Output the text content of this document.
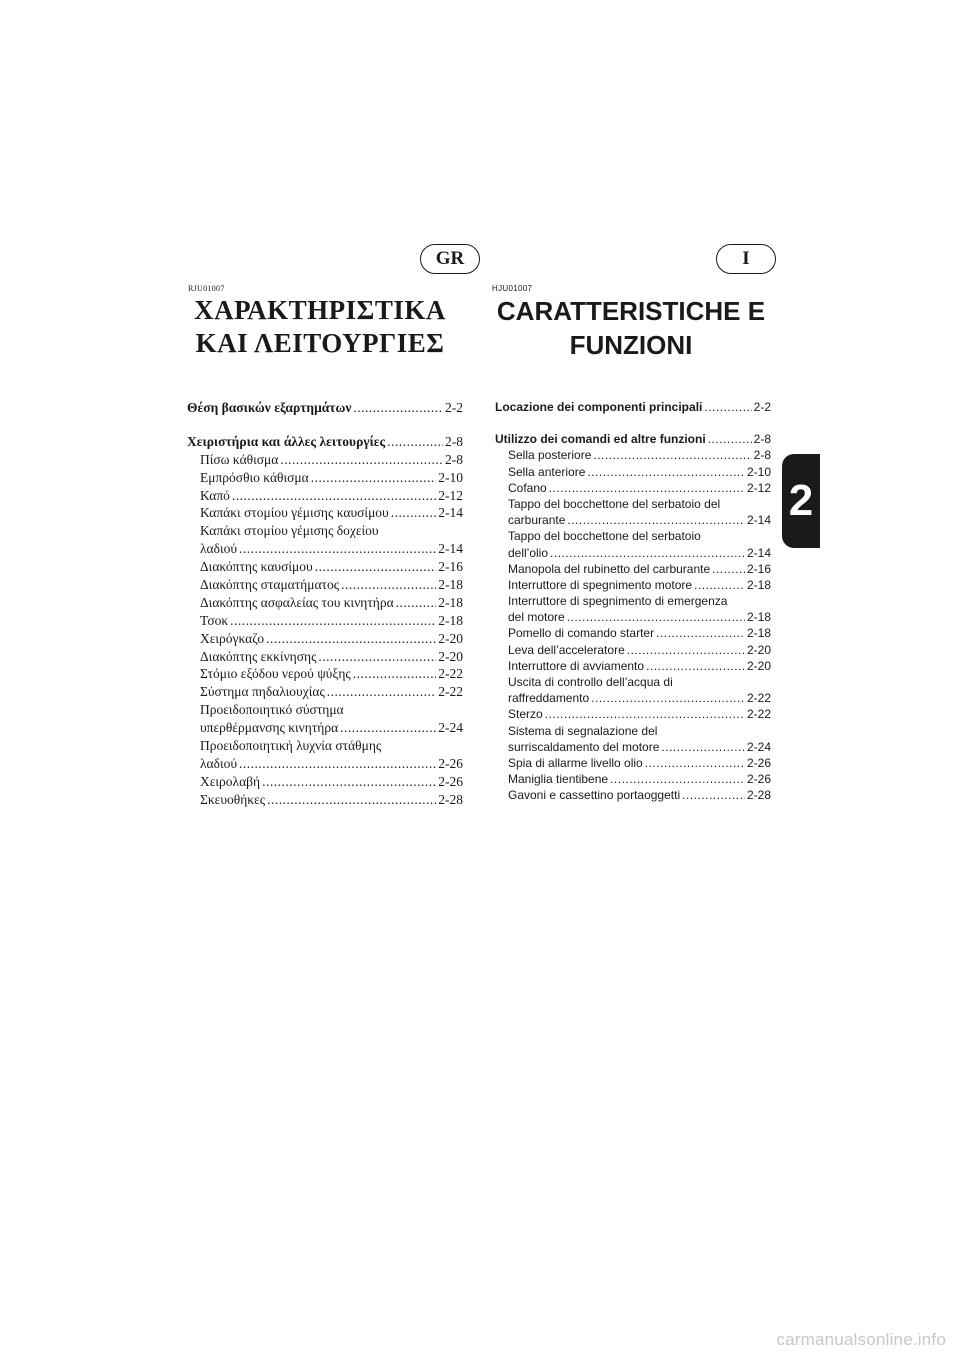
GR	I
RJU01007	HJU01007
ΧΑΡΑΚΤΗΡΙΣΤΙΚΑ
ΚΑΙ ΛΕΙΤΟΥΡΓΙΕΣ
CARATTERISTICHE E
FUNZIONI
Θέση βασικών εξαρτημάτων .....	2-2
Χειριστήρια και άλλες λειτουργίες .....	2-8
Πίσω κάθισμα .....	2-8
Εμπρόσθιο κάθισμα .....	2-10
Καπό .....	2-12
Καπάκι στομίου γέμισης καυσίμου .....	2-14
Καπάκι στομίου γέμισης δοχείου
λαδιού .....	2-14
Διακόπτης καυσίμου .....	2-16
Διακόπτης σταματήματος .....	2-18
Διακόπτης ασφαλείας του κινητήρα .....	2-18
Τσοκ .....	2-18
Χειρόγκαζο .....	2-20
Διακόπτης εκκίνησης .....	2-20
Στόμιο εξόδου νερού ψύξης .....	2-22
Σύστημα πηδαλιουχίας .....	2-22
Προειδοποιητικό σύστημα
υπερθέρμανσης κινητήρα .....	2-24
Προειδοποιητική λυχνία στάθμης
λαδιού .....	2-26
Χειρολαβή .....	2-26
Σκευοθήκες .....	2-28
Locazione dei componenti principali .....	2-2
Utilizzo dei comandi ed altre funzioni .....	2-8
Sella posteriore .....	2-8
Sella anteriore .....	2-10
Cofano .....	2-12
Tappo del bocchettone del serbatoio del
carburante .....	2-14
Tappo del bocchettone del serbatoio
dell’olio .....	2-14
Manopola del rubinetto del carburante .....	2-16
Interruttore di spegnimento motore .....	2-18
Interruttore di spegnimento di emergenza
del motore .....	2-18
Pomello di comando starter .....	2-18
Leva dell’acceleratore .....	2-20
Interruttore di avviamento .....	2-20
Uscita di controllo dell’acqua di
raffreddamento .....	2-22
Sterzo .....	2-22
Sistema di segnalazione del
surriscaldamento del motore .....	2-24
Spia di allarme livello olio .....	2-26
Maniglia tientibene .....	2-26
Gavoni e cassettino portaoggetti .....	2-28
2
carmanualsonline.info
